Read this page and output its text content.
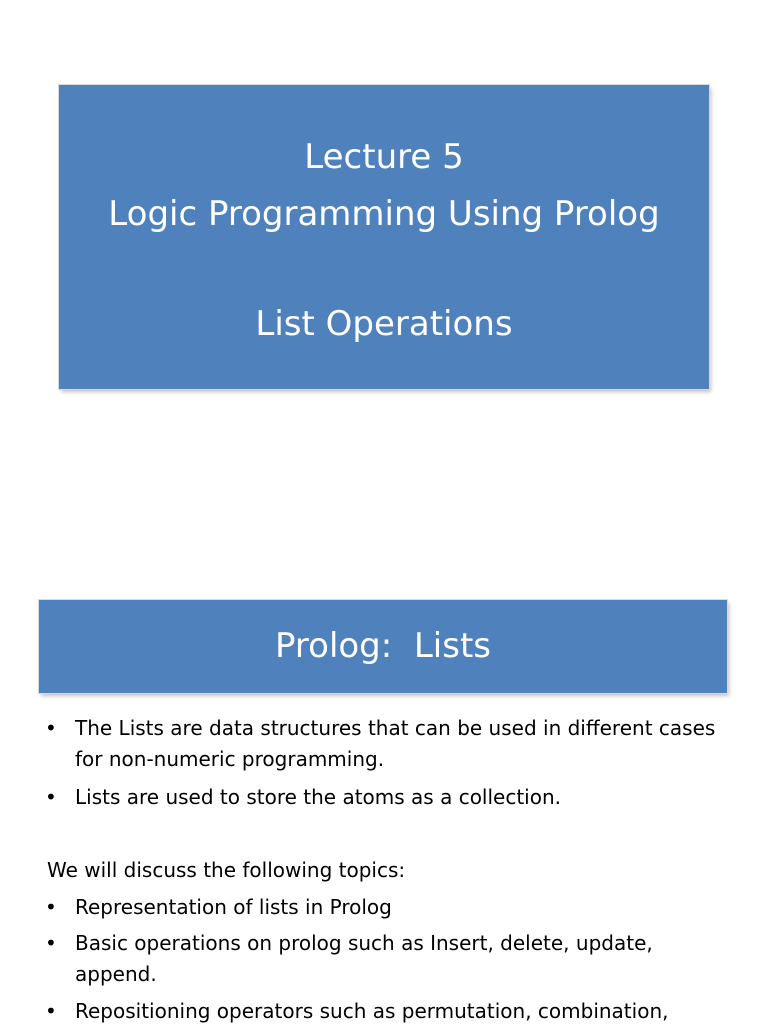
Lecture 5
Logic Programming Using Prolog
List Operations
Prolog:  Lists
• The Lists are data structures that can be used in different cases for non-numeric programming.
• Lists are used to store the atoms as a collection.
• Representation of lists in Prolog
• Basic operations on prolog such as Insert, delete, update, append.
• Repositioning operators such as permutation, combination,
We will discuss the following topics:
